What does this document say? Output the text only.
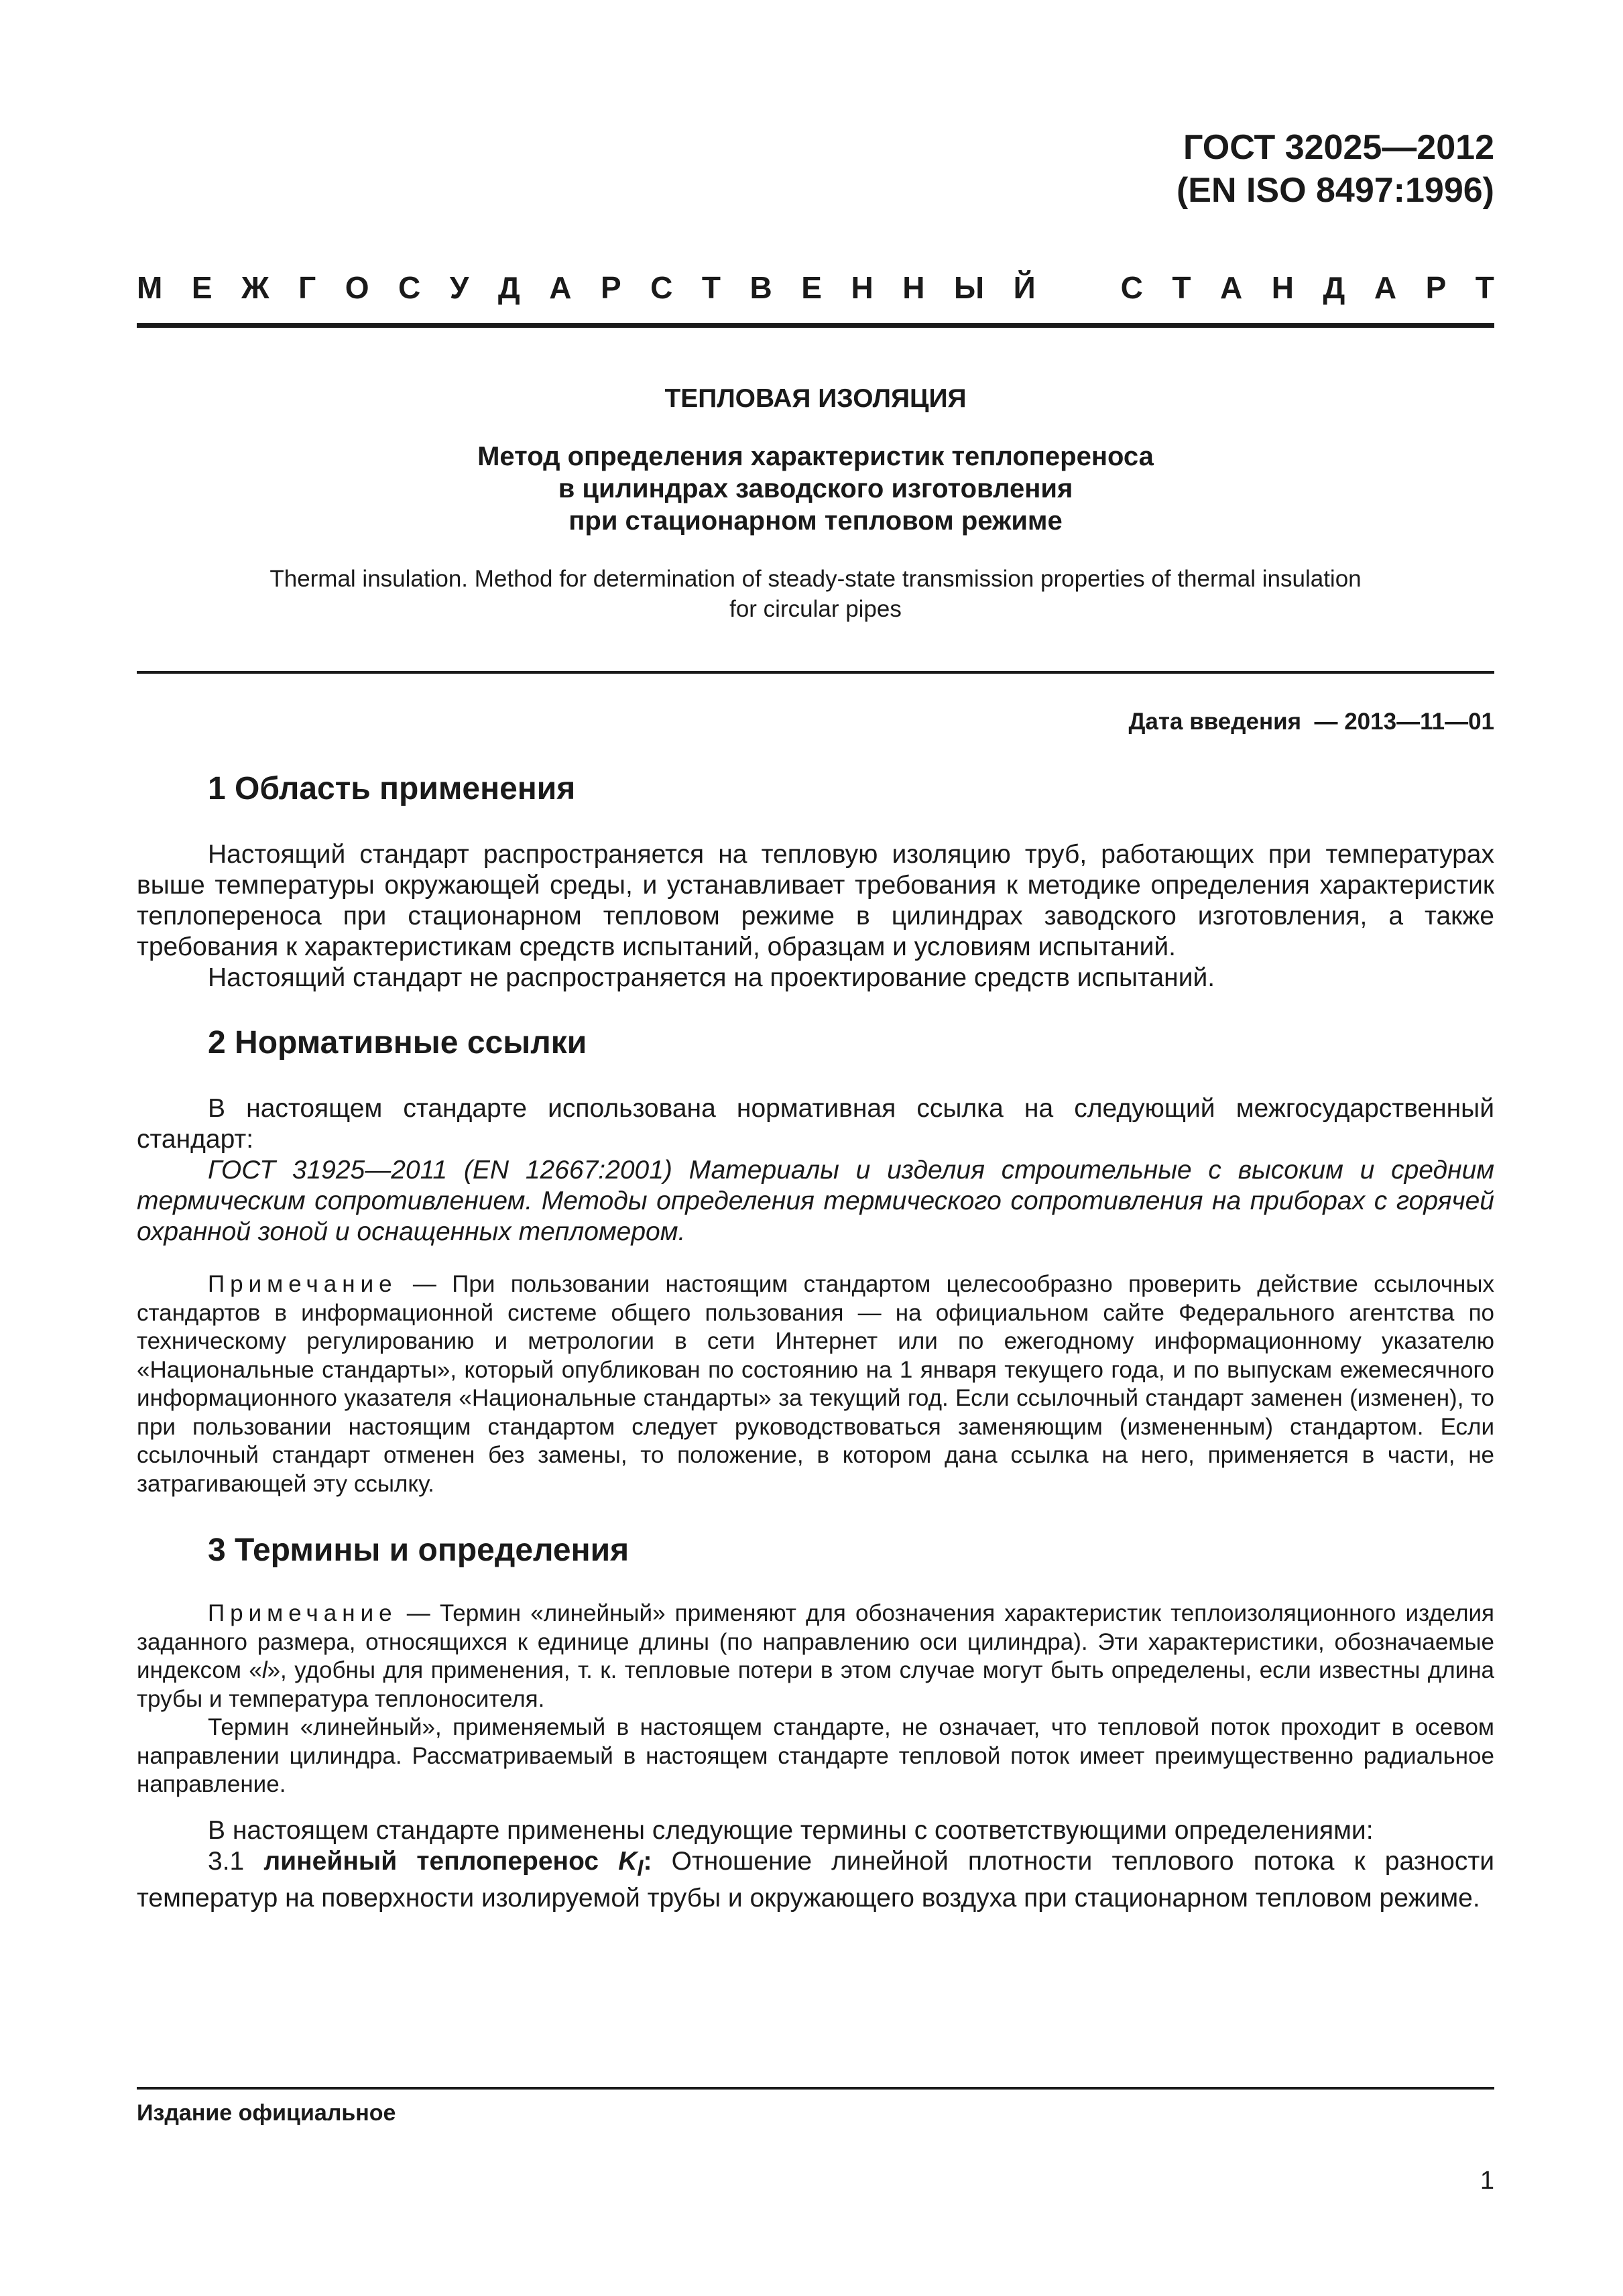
ГОСТ 32025—2012
(EN ISO 8497:1996)
М Е Ж Г О С У Д А Р С Т В Е Н Н Ы Й	С Т А Н Д А Р Т
ТЕПЛОВАЯ ИЗОЛЯЦИЯ
Метод определения характеристик теплопереноса
в цилиндрах заводского изготовления
при стационарном тепловом режиме
Thermal insulation. Method for determination of steady-state transmission properties of thermal insulation for circular pipes
Дата введения — 2013—11—01
1 Область применения

Настоящий стандарт распространяется на тепловую изоляцию труб, работающих при температурах выше температуры окружающей среды, и устанавливает требования к методике определения характеристик теплопереноса при стационарном тепловом режиме в цилиндрах заводского изготовления, а также требования к характеристикам средств испытаний, образцам и условиям испытаний.

Настоящий стандарт не распространяется на проектирование средств испытаний.

2 Нормативные ссылки

В настоящем стандарте использована нормативная ссылка на следующий межгосударственный стандарт:

ГОСТ 31925—2011 (EN 12667:2001) Материалы и изделия строительные с высоким и средним термическим сопротивлением. Методы определения термического сопротивления на приборах с горячей охранной зоной и оснащенных тепломером.

Примечание — При пользовании настоящим стандартом целесообразно проверить действие ссылочных стандартов в информационной системе общего пользования — на официальном сайте Федерального агентства по техническому регулированию и метрологии в сети Интернет или по ежегодному информационному указателю «Национальные стандарты», который опубликован по состоянию на 1 января текущего года, и по выпускам ежемесячного информационного указателя «Национальные стандарты» за текущий год. Если ссылочный стандарт заменен (изменен), то при пользовании настоящим стандартом следует руководствоваться заменяющим (измененным) стандартом. Если ссылочный стандарт отменен без замены, то положение, в котором дана ссылка на него, применяется в части, не затрагивающей эту ссылку.

3 Термины и определения

Примечание — Термин «линейный» применяют для обозначения характеристик теплоизоляционного изделия заданного размера, относящихся к единице длины (по направлению оси цилиндра). Эти характеристики, обозначаемые индексом «l», удобны для применения, т. к. тепловые потери в этом случае могут быть определены, если известны длина трубы и температура теплоносителя.

Термин «линейный», применяемый в настоящем стандарте, не означает, что тепловой поток проходит в осевом направлении цилиндра. Рассматриваемый в настоящем стандарте тепловой поток имеет преимущественно радиальное направление.

В настоящем стандарте применены следующие термины с соответствующими определениями:

3.1 линейный теплоперенос $K_l$: Отношение линейной плотности теплового потока к разности температур на поверхности изолируемой трубы и окружающего воздуха при стационарном тепловом режиме.

Издание официальное
1
